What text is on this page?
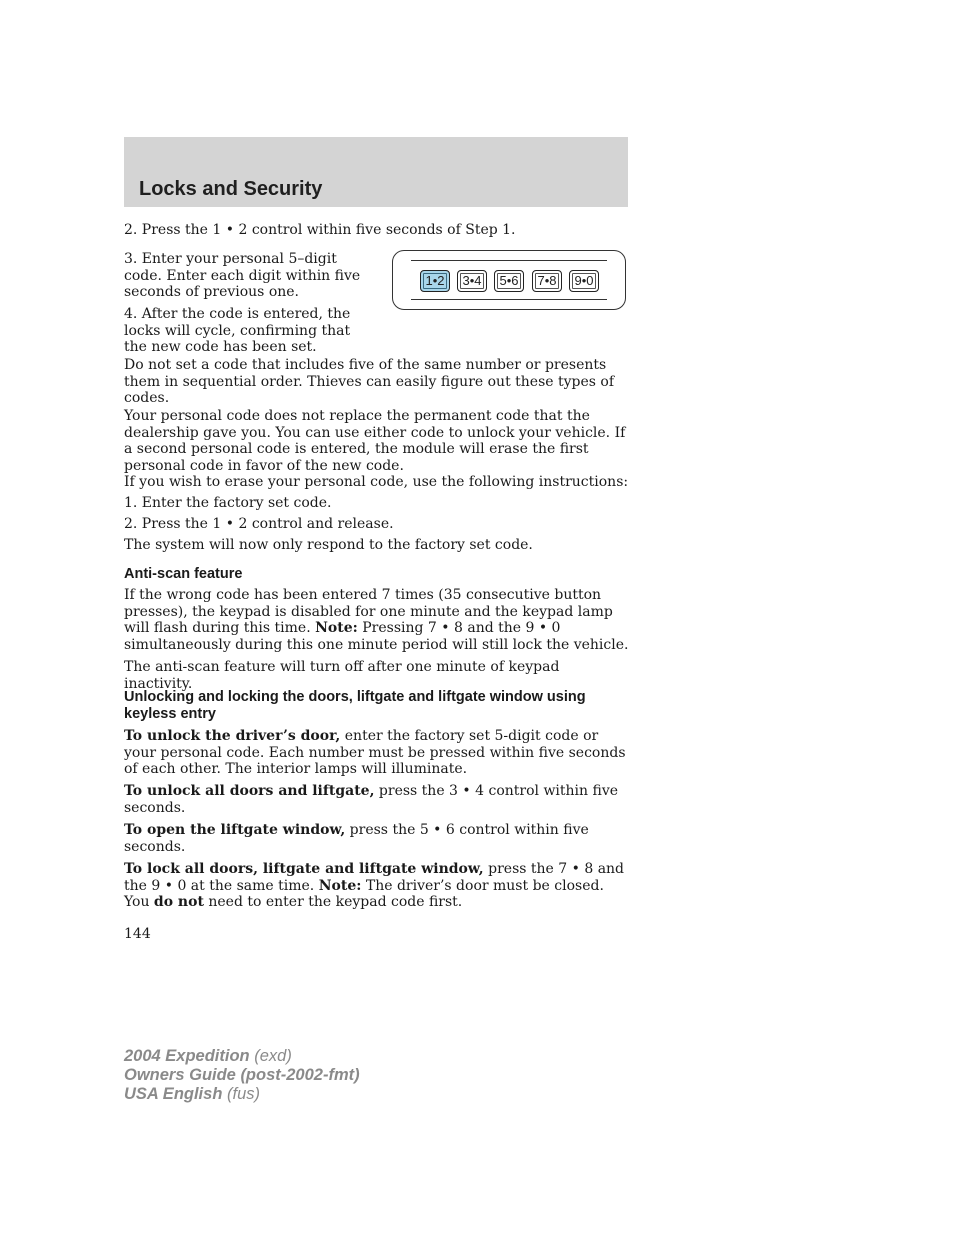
Locks and Security

2. Press the 1 • 2 control within five seconds of Step 1.

3. Enter your personal 5–digit code. Enter each digit within five seconds of previous one.

4. After the code is entered, the locks will cycle, confirming that the new code has been set.

1•2	3•4	5•6	7•8	9•0

Do not set a code that includes five of the same number or presents them in sequential order. Thieves can easily figure out these types of codes.

Your personal code does not replace the permanent code that the dealership gave you. You can use either code to unlock your vehicle. If a second personal code is entered, the module will erase the first personal code in favor of the new code.

If you wish to erase your personal code, use the following instructions:

1. Enter the factory set code.

2. Press the 1 • 2 control and release.

The system will now only respond to the factory set code.

Anti-scan feature

If the wrong code has been entered 7 times (35 consecutive button presses), the keypad is disabled for one minute and the keypad lamp will flash during this time. Note: Pressing 7 • 8 and the 9 • 0 simultaneously during this one minute period will still lock the vehicle.

The anti-scan feature will turn off after one minute of keypad inactivity.

Unlocking and locking the doors, liftgate and liftgate window using keyless entry

To unlock the driver’s door, enter the factory set 5-digit code or your personal code. Each number must be pressed within five seconds of each other. The interior lamps will illuminate.

To unlock all doors and liftgate, press the 3 • 4 control within five seconds.

To open the liftgate window, press the 5 • 6 control within five seconds.

To lock all doors, liftgate and liftgate window, press the 7 • 8 and the 9 • 0 at the same time. Note: The driver’s door must be closed. You do not need to enter the keypad code first.

144
2004 Expedition (exd)
Owners Guide (post-2002-fmt)
USA English (fus)
